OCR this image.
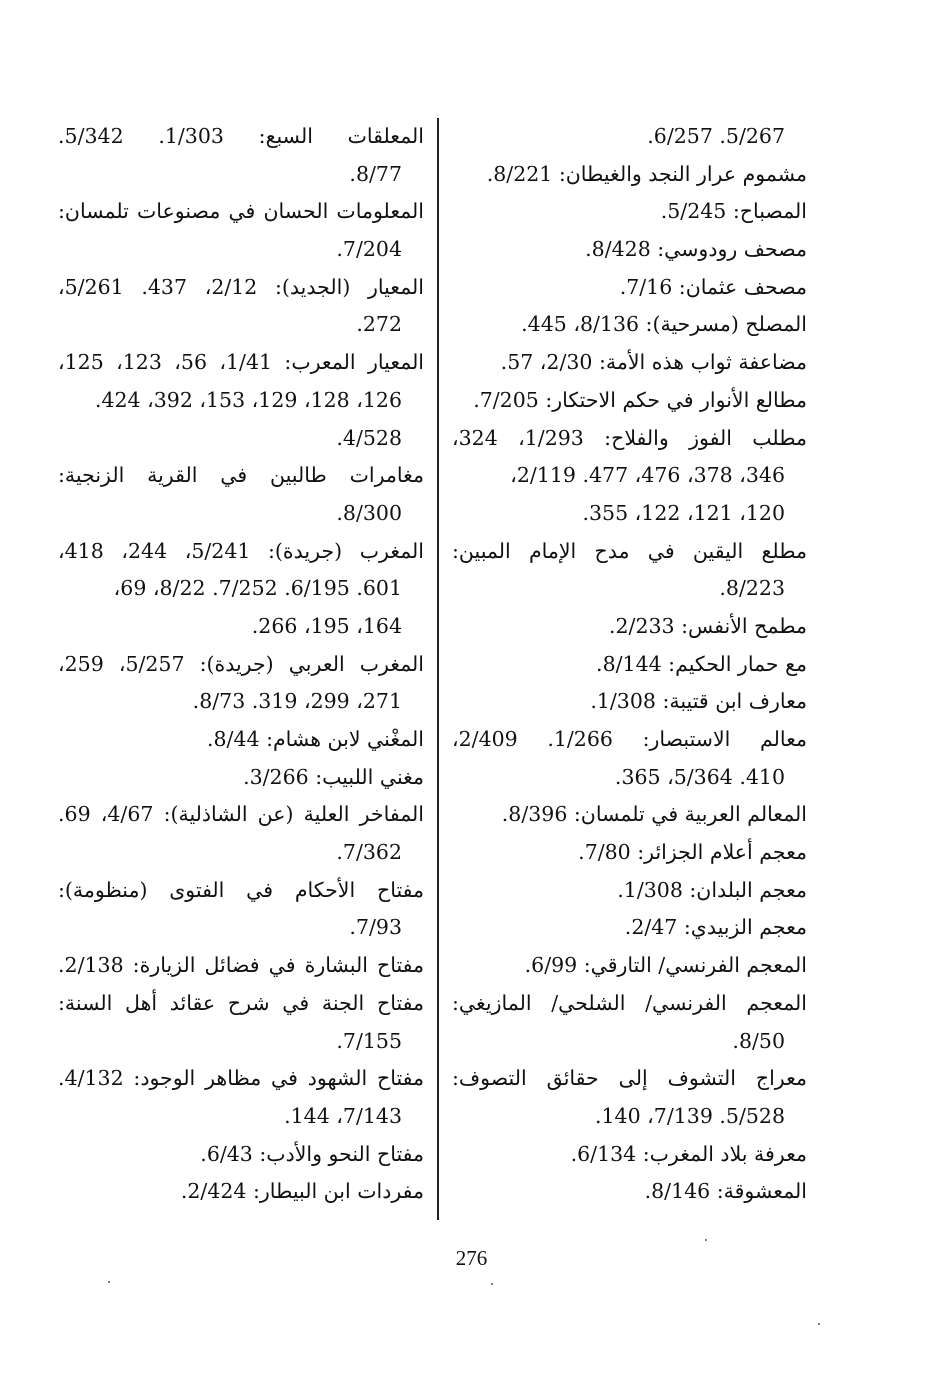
5/267. 6/257.
مشموم عرار النجد والغيطان: 8/221.
المصباح: 5/245.
مصحف رودوسي: 8/428.
مصحف عثمان: 7/16.
المصلح (مسرحية): 8/136، 445.
مضاعفة ثواب هذه الأمة: 2/30، 57.
مطالع الأنوار في حكم الاحتكار: 7/205.
مطلب الفوز والفلاح: 1/293، 324،
346، 378، 476، 477. 2/119،
120، 121، 122، 355.
مطلع اليقين في مدح الإمام المبين:
8/223.
مطمح الأنفس: 2/233.
مع حمار الحكيم: 8/144.
معارف ابن قتيبة: 1/308.
معالم الاستبصار: 1/266. 2/409،
410. 5/364، 365.
المعالم العربية في تلمسان: 8/396.
معجم أعلام الجزائر: 7/80.
معجم البلدان: 1/308.
معجم الزبيدي: 2/47.
المعجم الفرنسي/ التارقي: 6/99.
المعجم الفرنسي/ الشلحي/ المازيغي:
8/50.
معراج التشوف إلى حقائق التصوف:
5/528. 7/139، 140.
معرفة بلاد المغرب: 6/134.
المعشوقة: 8/146.
المعلقات السبع: 1/303. 5/342.
8/77.
المعلومات الحسان في مصنوعات تلمسان:
7/204.
المعيار (الجديد): 2/12، 437. 5/261،
272.
المعيار المعرب: 1/41، 56، 123، 125،
126، 128، 129، 153، 392، 424.
4/528.
مغامرات طالبين في القرية الزنجية:
8/300.
المغرب (جريدة): 5/241، 244، 418،
601. 6/195. 7/252. 8/22، 69،
164، 195، 266.
المغرب العربي (جريدة): 5/257، 259،
271، 299، 319. 8/73.
المغْني لابن هشام: 8/44.
مغني اللبيب: 3/266.
المفاخر العلية (عن الشاذلية): 4/67، 69.
7/362.
مفتاح الأحكام في الفتوى (منظومة):
7/93.
مفتاح البشارة في فضائل الزيارة: 2/138.
مفتاح الجنة في شرح عقائد أهل السنة:
7/155.
مفتاح الشهود في مظاهر الوجود: 4/132.
7/143، 144.
مفتاح النحو والأدب: 6/43.
مفردات ابن البيطار: 2/424.
276
